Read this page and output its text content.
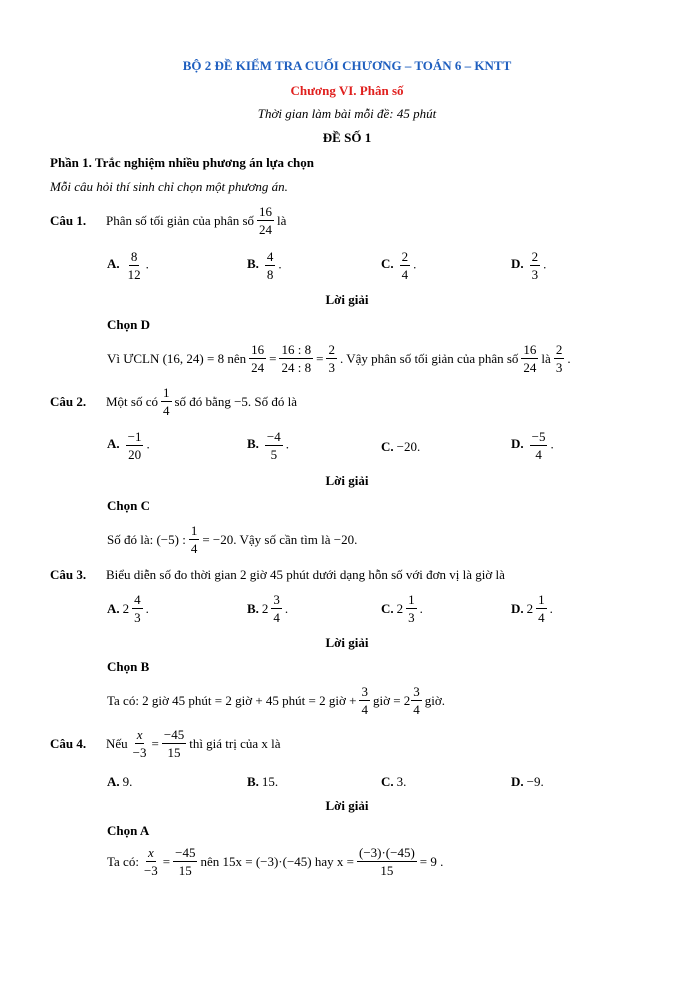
BỘ 2 ĐỀ KIỂM TRA CUỐI CHƯƠNG – TOÁN 6 – KNTT
Chương VI. Phân số
Thời gian làm bài mỗi đề: 45 phút
ĐỀ SỐ 1
Phần 1. Trắc nghiệm nhiều phương án lựa chọn
Mỗi câu hỏi thí sinh chỉ chọn một phương án.
Câu 1.	Phân số tối giản của phân số $\frac{16}{24}$ là
A. $\frac{8}{12}$ .	B. $\frac{4}{8}$ .	C. $\frac{2}{4}$ .	D. $\frac{2}{3}$ .
Lời giải
Chọn D
Vì ƯCLN
(16, 24) = 8
nên $\frac{16}{24} = \frac{16 : 8}{24 : 8} = \frac{2}{3}$ . Vậy phân số tối giản của phân số $\frac{16}{24}$ là $\frac{2}{3}$ .
Câu 2.	Một số có $\frac{1}{4}$ số đó bằng −5. Số đó là
A. $\frac{-1}{20}$ .	B. $\frac{-4}{5}$ .	C. −20.	D. $\frac{-5}{4}$ .
Lời giải
Chọn C
Số đó là: (−5) : $\frac{1}{4} = -20$. Vậy số cần tìm là −20.
Câu 3. Biểu diễn số đo thời gian 2 giờ 45 phút dưới dạng hỗn số với đơn vị là giờ là
A. $2 \frac{4}{3}$ .	B. $2 \frac{3}{4}$ .	C. $2 \frac{1}{3}$ .	D. $2 \frac{1}{4}$ .
Lời giải
Chọn B
Ta có: 2 giờ 45 phút = 2 giờ + 45 phút = 2 giờ + $\frac{3}{4}$ giờ = $2 \frac{3}{4}$ giờ.
Câu 4.	Nếu $\frac{x}{-3} = \frac{-45}{15}$ thì giá trị của x là
A. 9.	B. 15.	C. 3.	D. −9.
Lời giải
Chọn A
Ta có: $\frac{x}{-3} = \frac{-45}{15}$ nên 15x = (−3)·(−45) hay $x = \frac{(-3)\cdot(-45)}{15} = 9$ .
